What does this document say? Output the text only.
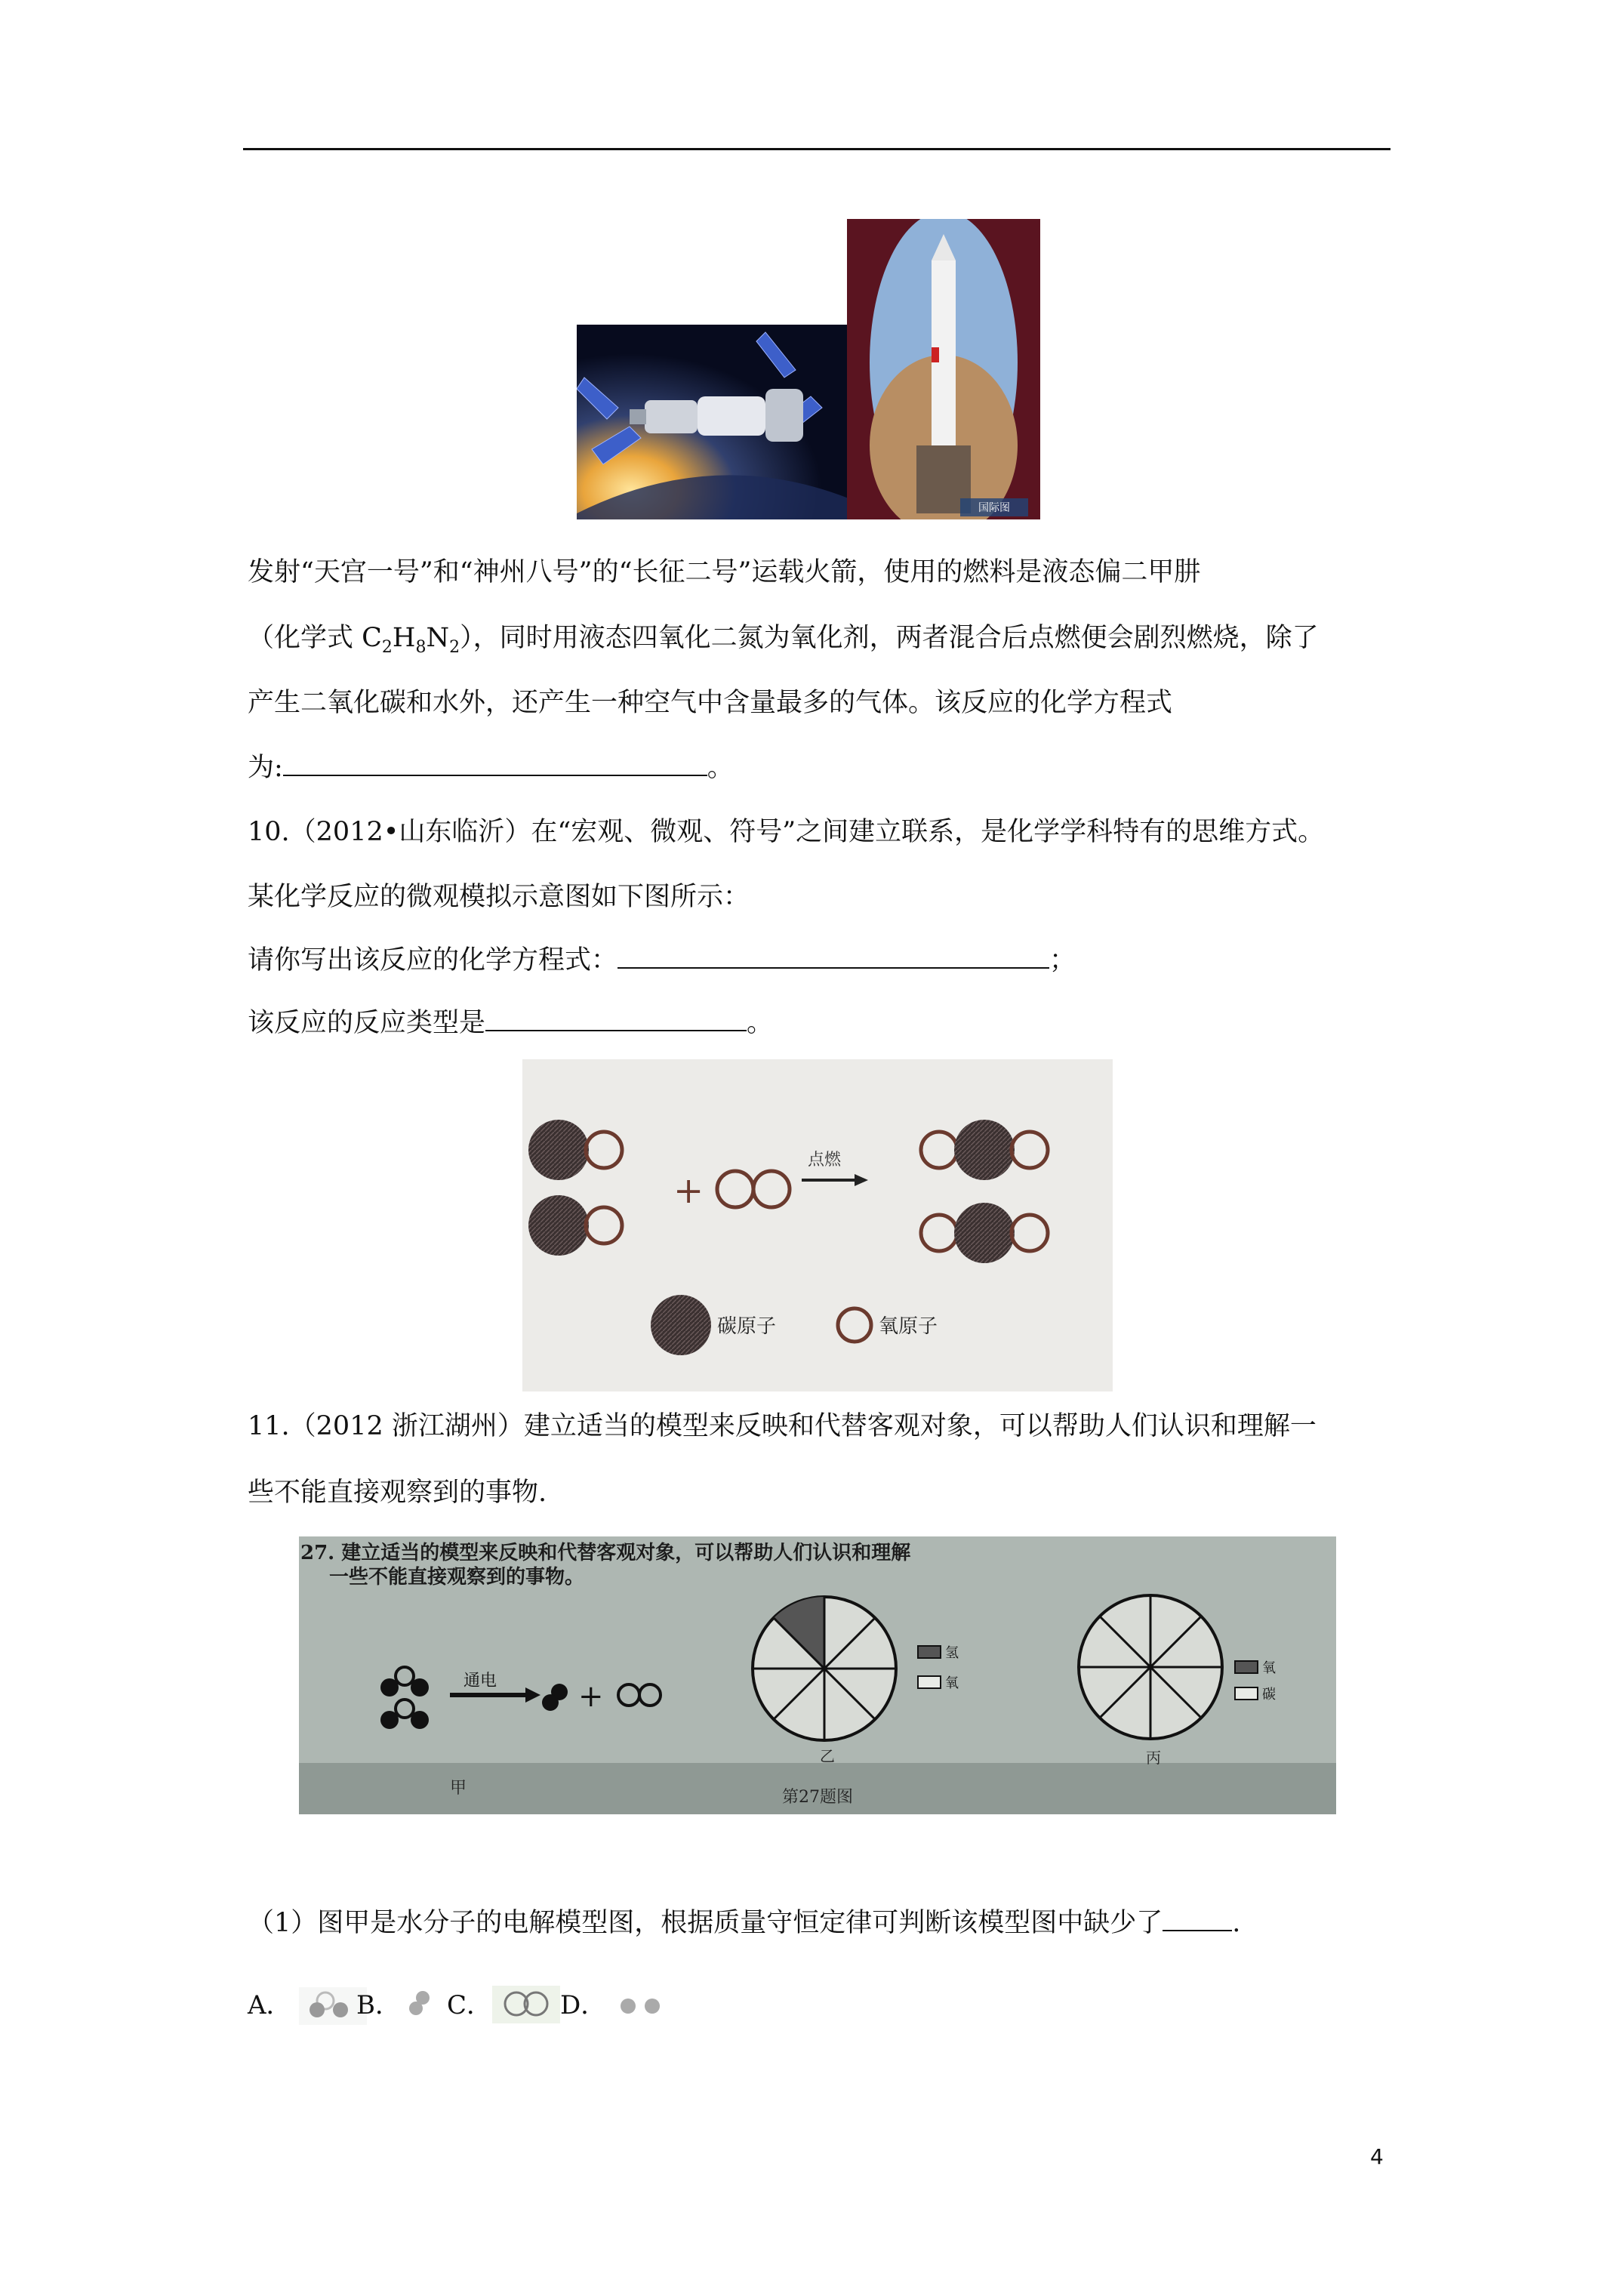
国际图
发射“天宫一号”和“神州八号”的“长征二号”运载火箭，使用的燃料是液态偏二甲肼
（化学式 $C_2H_8N_2$），同时用液态四氧化二氮为氧化剂，两者混合后点燃便会剧烈燃烧，除了
产生二氧化碳和水外，还产生一种空气中含量最多的气体。该反应的化学方程式
为:	。
10.（2012•山东临沂）在“宏观、微观、符号”之间建立联系，是化学学科特有的思维方式。
某化学反应的微观模拟示意图如下图所示：
请你写出该反应的化学方程式：	；
该反应的反应类型是	。
+
点燃
碳原子	氧原子
11.（2012 浙江湖州）建立适当的模型来反映和代替客观对象，可以帮助人们认识和理解一
些不能直接观察到的事物.
27. 建立适当的模型来反映和代替客观对象，可以帮助人们认识和理解
一些不能直接观察到的事物。
通电	+
甲
氢
氧
乙
第27题图
氧
碳
丙
（1）图甲是水分子的电解模型图，根据质量守恒定律可判断该模型图中缺少了	.
A．	B． C．	D．
4
